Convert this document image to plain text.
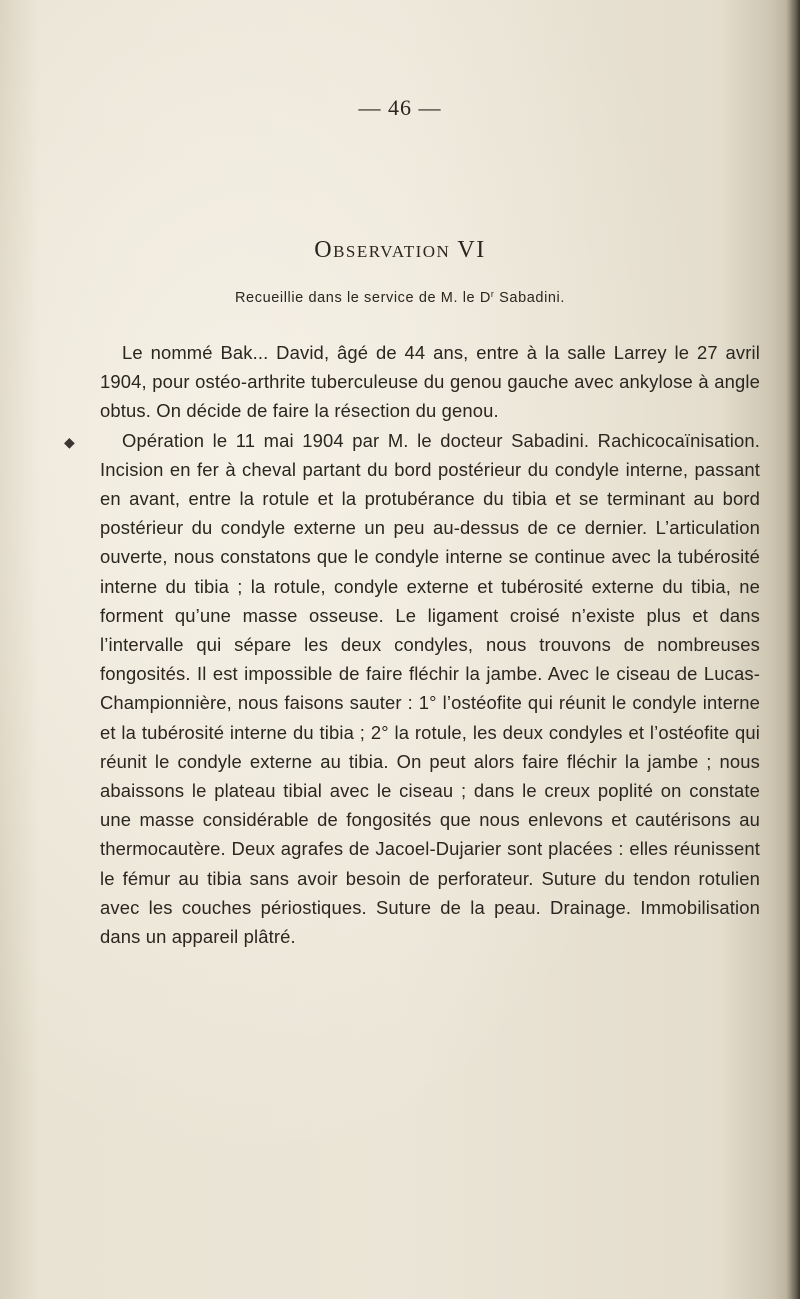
— 46 —
Observation VI
Recueillie dans le service de M. le $D^r$ Sabadini.
◆

Le nommé Bak... David, âgé de 44 ans, entre à la salle Larrey le 27 avril 1904, pour ostéo-arthrite tuberculeuse du genou gauche avec ankylose à angle obtus. On décide de faire la résection du genou.

Opération le 11 mai 1904 par M. le docteur Sabadini. Rachicocaïnisation. Incision en fer à cheval partant du bord postérieur du condyle interne, passant en avant, entre la rotule et la protubérance du tibia et se terminant au bord postérieur du condyle externe un peu au-dessus de ce dernier. L’articulation ouverte, nous constatons que le condyle interne se continue avec la tubérosité interne du tibia ; la rotule, condyle externe et tubérosité externe du tibia, ne forment qu’une masse osseuse. Le ligament croisé n’existe plus et dans l’intervalle qui sépare les deux condyles, nous trouvons de nombreuses fongosités. Il est impossible de faire fléchir la jambe. Avec le ciseau de Lucas-Championnière, nous faisons sauter : 1° l’ostéofite qui réunit le condyle interne et la tubérosité interne du tibia ; 2° la rotule, les deux condyles et l’ostéofite qui réunit le condyle externe au tibia. On peut alors faire fléchir la jambe ; nous abaissons le plateau tibial avec le ciseau ; dans le creux poplité on constate une masse considérable de fongosités que nous enlevons et cautérisons au thermocautère. Deux agrafes de Jacoel-Dujarier sont placées : elles réunissent le fémur au tibia sans avoir besoin de perforateur. Suture du tendon rotulien avec les couches périostiques. Suture de la peau. Drainage. Immobilisation dans un appareil plâtré.
